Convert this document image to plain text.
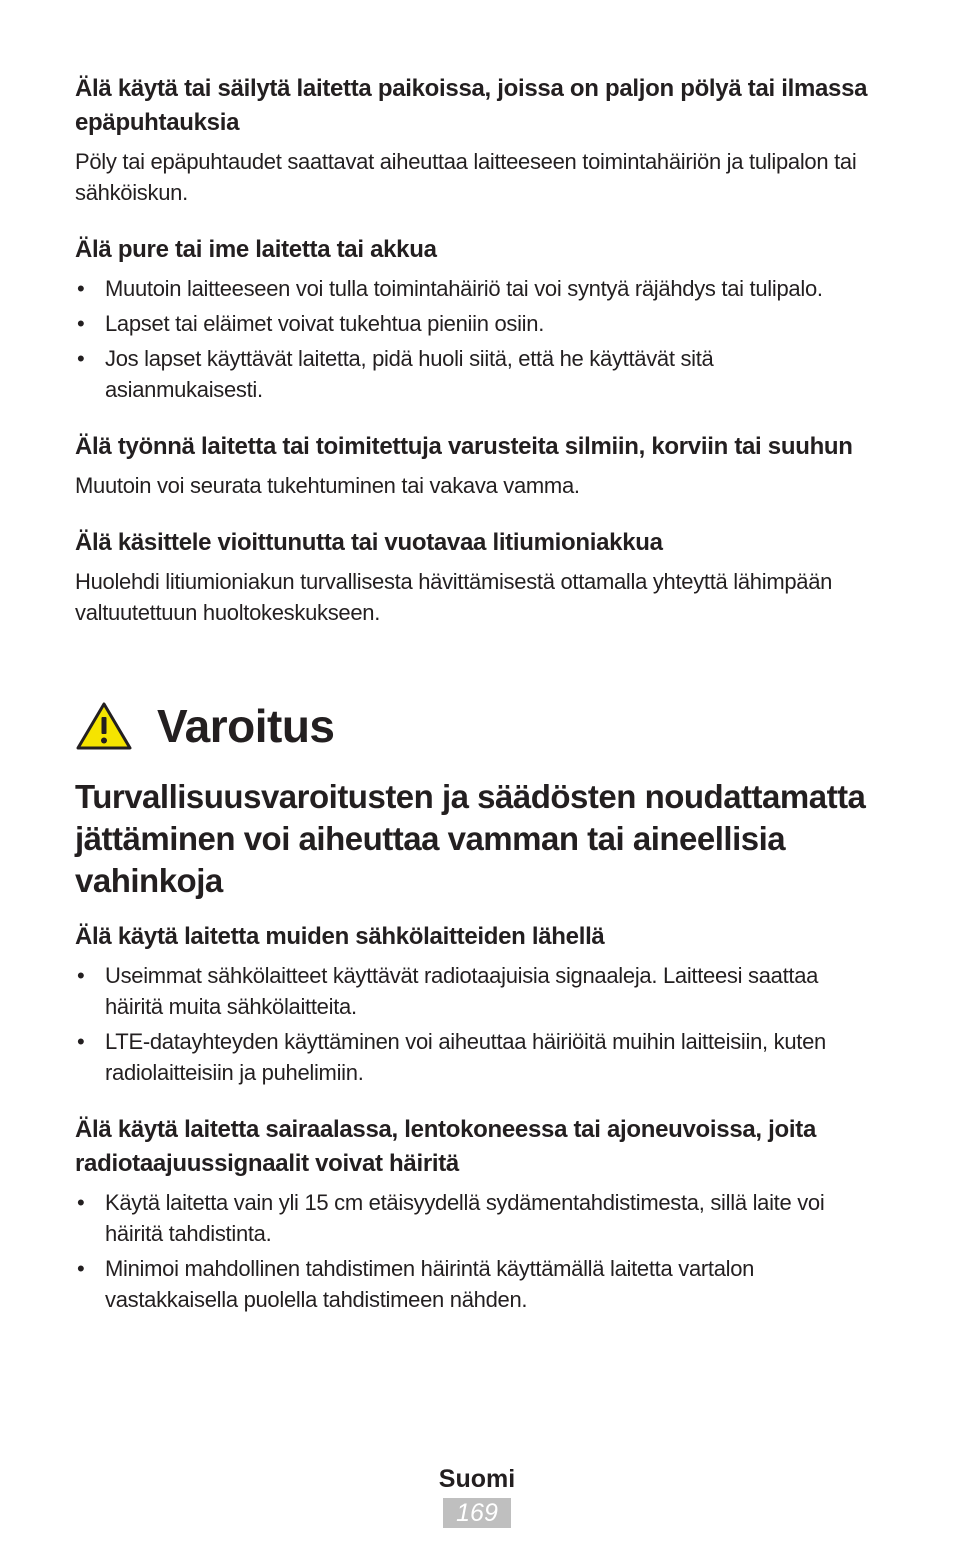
Älä käytä tai säilytä laitetta paikoissa, joissa on paljon pölyä tai ilmassa epäpuhtauksia

Pöly tai epäpuhtaudet saattavat aiheuttaa laitteeseen toimintahäiriön ja tulipalon tai sähköiskun.

Älä pure tai ime laitetta tai akkua
• Muutoin laitteeseen voi tulla toimintahäiriö tai voi syntyä räjähdys tai tulipalo.
• Lapset tai eläimet voivat tukehtua pieniin osiin.
• Jos lapset käyttävät laitetta, pidä huoli siitä, että he käyttävät sitä asianmukaisesti.
Älä työnnä laitetta tai toimitettuja varusteita silmiin, korviin tai suuhun

Muutoin voi seurata tukehtuminen tai vakava vamma.

Älä käsittele vioittunutta tai vuotavaa litiumioniakkua

Huolehdi litiumioniakun turvallisesta hävittämisestä ottamalla yhteyttä lähimpään valtuutettuun huoltokeskukseen.

Varoitus
Turvallisuusvaroitusten ja säädösten noudattamatta jättäminen voi aiheuttaa vamman tai aineellisia vahinkoja
Älä käytä laitetta muiden sähkölaitteiden lähellä
• Useimmat sähkölaitteet käyttävät radiotaajuisia signaaleja. Laitteesi saattaa häiritä muita sähkölaitteita.
• LTE-datayhteyden käyttäminen voi aiheuttaa häiriöitä muihin laitteisiin, kuten radiolaitteisiin ja puhelimiin.
Älä käytä laitetta sairaalassa, lentokoneessa tai ajoneuvoissa, joita radiotaajuussignaalit voivat häiritä
• Käytä laitetta vain yli 15 cm etäisyydellä sydämentahdistimesta, sillä laite voi häiritä tahdistinta.
• Minimoi mahdollinen tahdistimen häirintä käyttämällä laitetta vartalon vastakkaisella puolella tahdistimeen nähden.
Suomi
169
